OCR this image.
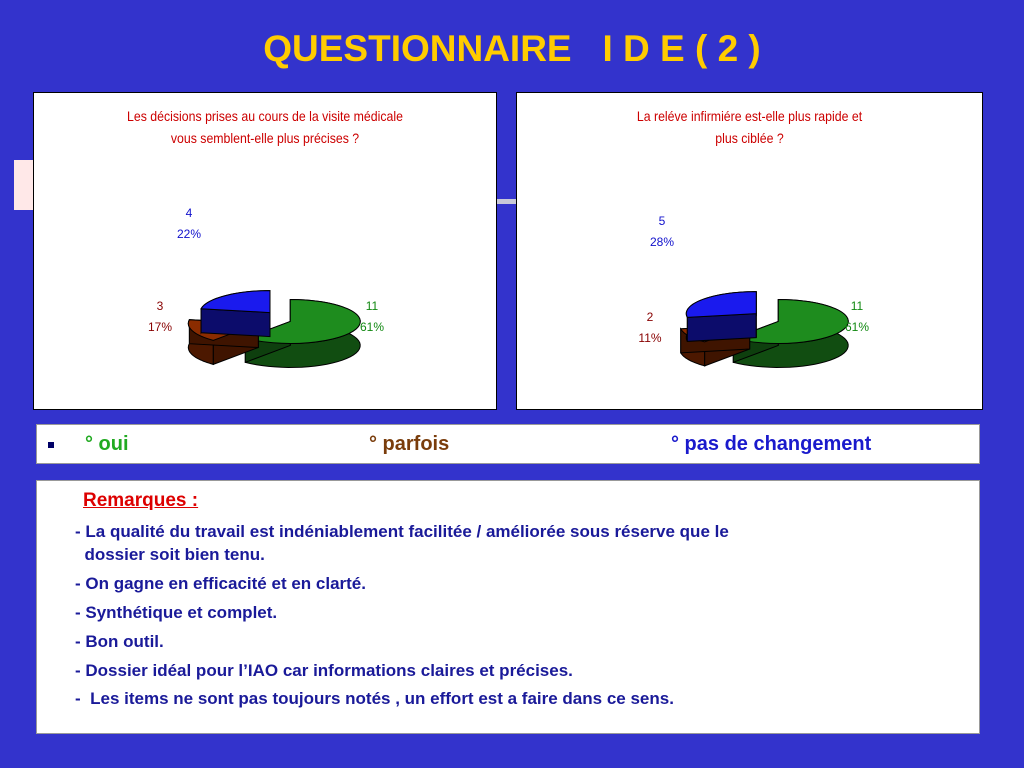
QUESTIONNAIRE   I D E ( 2 )
Les décisions prises au cours de la visite médicale
vous semblent-elle plus précises ?
11
61%
3
17%
4
22%
La reléve infirmiére est-elle plus rapide et
plus ciblée ?
11
61%
2
11%
5
28%
° oui	° parfois	° pas de changement
Remarques :
- La qualité du travail est indéniablement facilitée / améliorée sous réserve que le
dossier soit bien tenu.
- On gagne en efficacité et en clarté.
- Synthétique et complet.
- Bon outil.
- Dossier idéal pour l’IAO car informations claires et précises.
-  Les items ne sont pas toujours notés , un effort est a faire dans ce sens.
